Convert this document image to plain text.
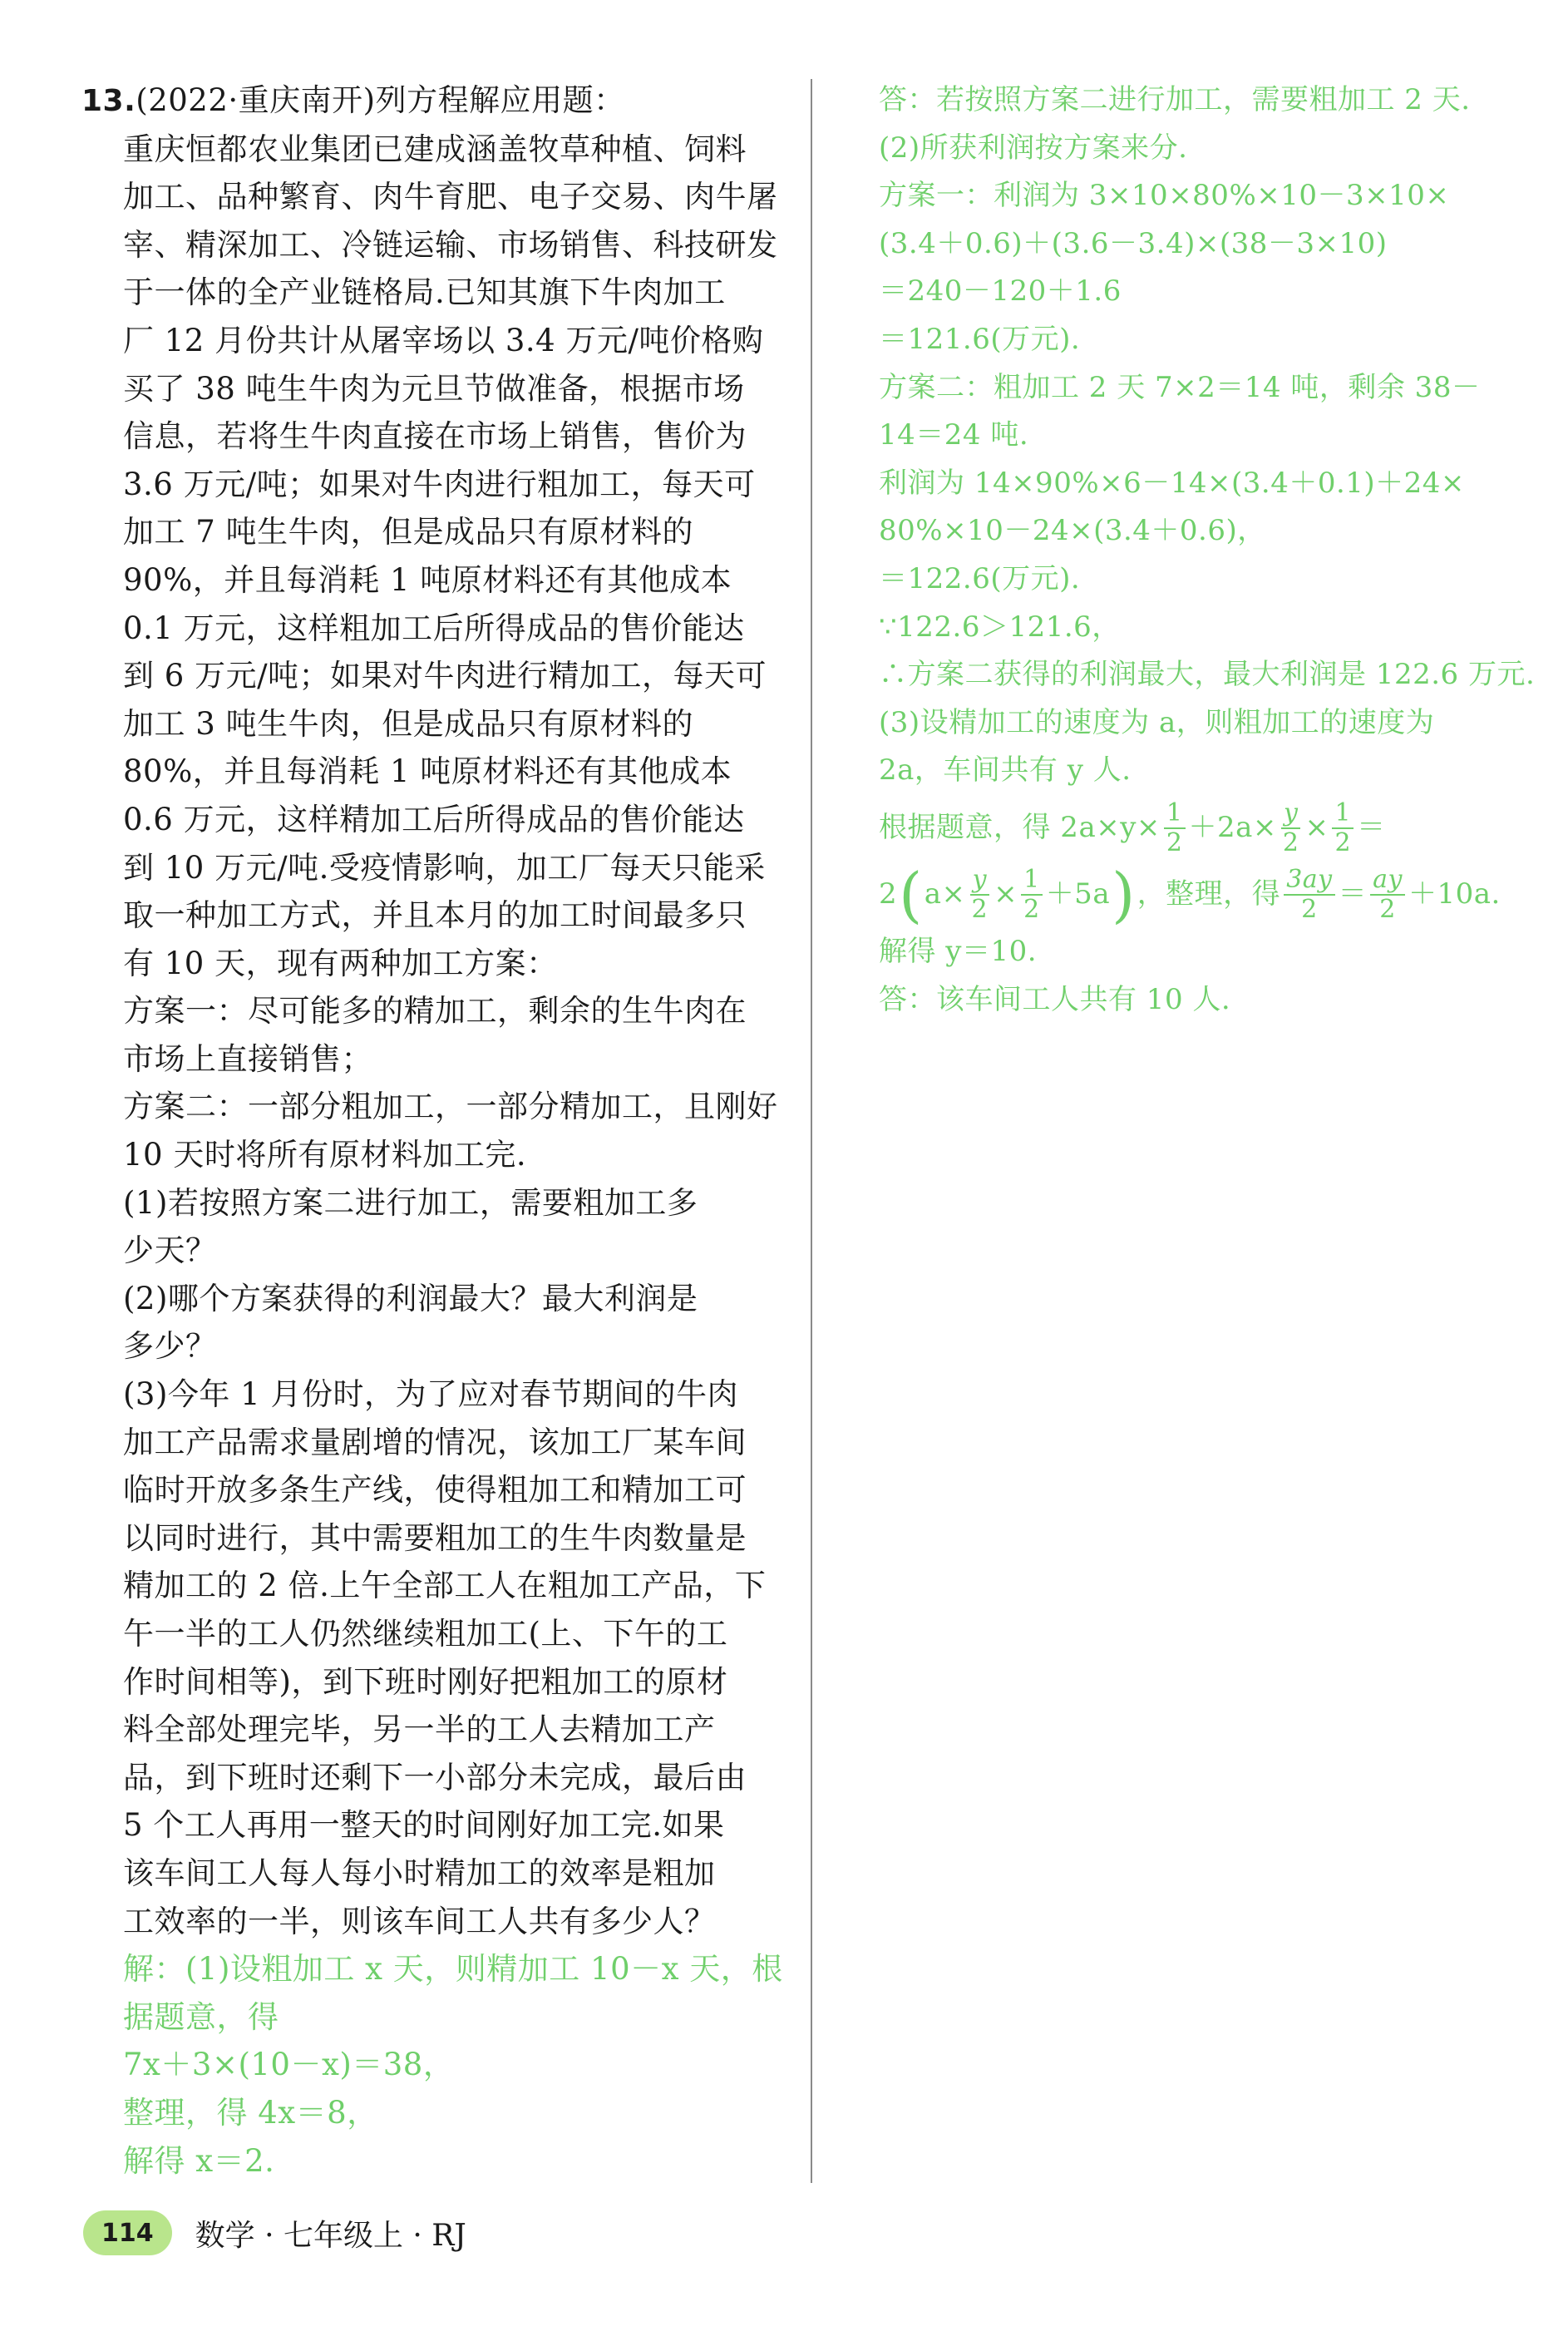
13.(2022·重庆南开)列方程解应用题：
重庆恒都农业集团已建成涵盖牧草种植、饲料
加工、品种繁育、肉牛育肥、电子交易、肉牛屠
宰、精深加工、冷链运输、市场销售、科技研发
于一体的全产业链格局.已知其旗下牛肉加工
厂 12 月份共计从屠宰场以 3.4 万元/吨价格购
买了 38 吨生牛肉为元旦节做准备，根据市场
信息，若将生牛肉直接在市场上销售，售价为
3.6 万元/吨；如果对牛肉进行粗加工，每天可
加工 7 吨生牛肉，但是成品只有原材料的
90%，并且每消耗 1 吨原材料还有其他成本
0.1 万元，这样粗加工后所得成品的售价能达
到 6 万元/吨；如果对牛肉进行精加工，每天可
加工 3 吨生牛肉，但是成品只有原材料的
80%，并且每消耗 1 吨原材料还有其他成本
0.6 万元，这样精加工后所得成品的售价能达
到 10 万元/吨.受疫情影响，加工厂每天只能采
取一种加工方式，并且本月的加工时间最多只
有 10 天，现有两种加工方案：
方案一：尽可能多的精加工，剩余的生牛肉在
市场上直接销售；
方案二：一部分粗加工，一部分精加工，且刚好
10 天时将所有原材料加工完.
(1)若按照方案二进行加工，需要粗加工多
少天？
(2)哪个方案获得的利润最大？最大利润是
多少？
(3)今年 1 月份时，为了应对春节期间的牛肉
加工产品需求量剧增的情况，该加工厂某车间
临时开放多条生产线，使得粗加工和精加工可
以同时进行，其中需要粗加工的生牛肉数量是
精加工的 2 倍.上午全部工人在粗加工产品，下
午一半的工人仍然继续粗加工(上、下午的工
作时间相等)，到下班时刚好把粗加工的原材
料全部处理完毕，另一半的工人去精加工产
品，到下班时还剩下一小部分未完成，最后由
5 个工人再用一整天的时间刚好加工完.如果
该车间工人每人每小时精加工的效率是粗加
工效率的一半，则该车间工人共有多少人？
解：(1)设粗加工 x 天，则精加工 10－x 天，根
据题意，得
7x＋3×(10－x)＝38，
整理，得 4x＝8，
解得 x＝2.
答：若按照方案二进行加工，需要粗加工 2 天.
(2)所获利润按方案来分.
方案一：利润为 3×10×80%×10－3×10×
(3.4＋0.6)＋(3.6－3.4)×(38－3×10)
＝240－120＋1.6
＝121.6(万元).
方案二：粗加工 2 天 7×2＝14 吨，剩余 38－
14＝24 吨.
利润为 14×90%×6－14×(3.4＋0.1)＋24×
80%×10－24×(3.4＋0.6)，
＝122.6(万元).
∵122.6＞121.6，
∴方案二获得的利润最大，最大利润是 122.6 万元.
(3)设精加工的速度为 a，则粗加工的速度为
2a，车间共有 y 人.
根据题意，得 $2a\times y\times \frac{1}{2} +2a\times \frac{y}{2} \times \frac{1}{2}$ ＝
2 ( $a\times \frac{y}{2} \times \frac{1}{2} +5a$ ) ，整理，得 $\frac{3ay}{2} = \frac{ay}{2} +10a$.
解得 y＝10.
答：该车间工人共有 10 人.
114	数学 · 七年级上 · RJ
